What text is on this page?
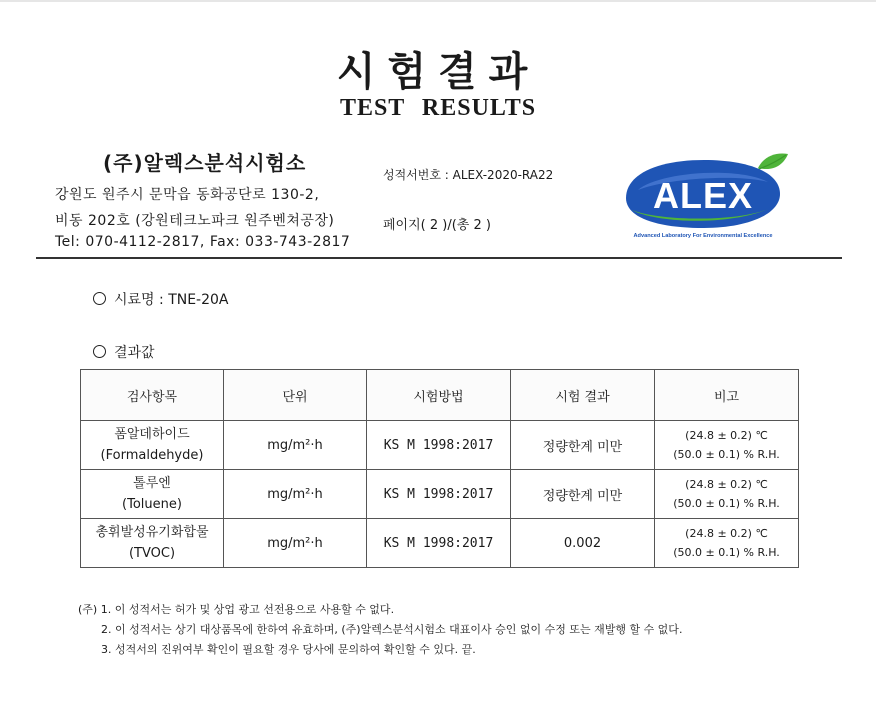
시험결과
TEST RESULTS
(주)알렉스분석시험소
강원도 원주시 문막읍 동화공단로 130-2,
비동 202호 (강원테크노파크 원주벤쳐공장)
Tel: 070-4112-2817, Fax: 033-743-2817
성적서번호 : ALEX-2020-RA22
페이지( 2 )/(총 2 )
ALEX
Advanced Laboratory For Environmental Excellence
시료명 : TNE-20A
결과값
검사항목	단위	시험방법	시험 결과	비고

폼알데하이드
(Formaldehyde)	mg/m²·h	KS M 1998:2017	정량한계 미만	(24.8 ± 0.2) ℃
(50.0 ± 0.1) % R.H.

톨루엔
(Toluene)	mg/m²·h	KS M 1998:2017	정량한계 미만	(24.8 ± 0.2) ℃
(50.0 ± 0.1) % R.H.

총휘발성유기화합물
(TVOC)	mg/m²·h	KS M 1998:2017	0.002	(24.8 ± 0.2) ℃
(50.0 ± 0.1) % R.H.
(주) 1. 이 성적서는 허가 및 상업 광고 선전용으로 사용할 수 없다.
2. 이 성적서는 상기 대상품목에 한하여 유효하며, (주)알렉스분석시험소 대표이사 승인 없이 수정 또는 재발행 할 수 없다.
3. 성적서의 진위여부 확인이 필요할 경우 당사에 문의하여 확인할 수 있다. 끝.
